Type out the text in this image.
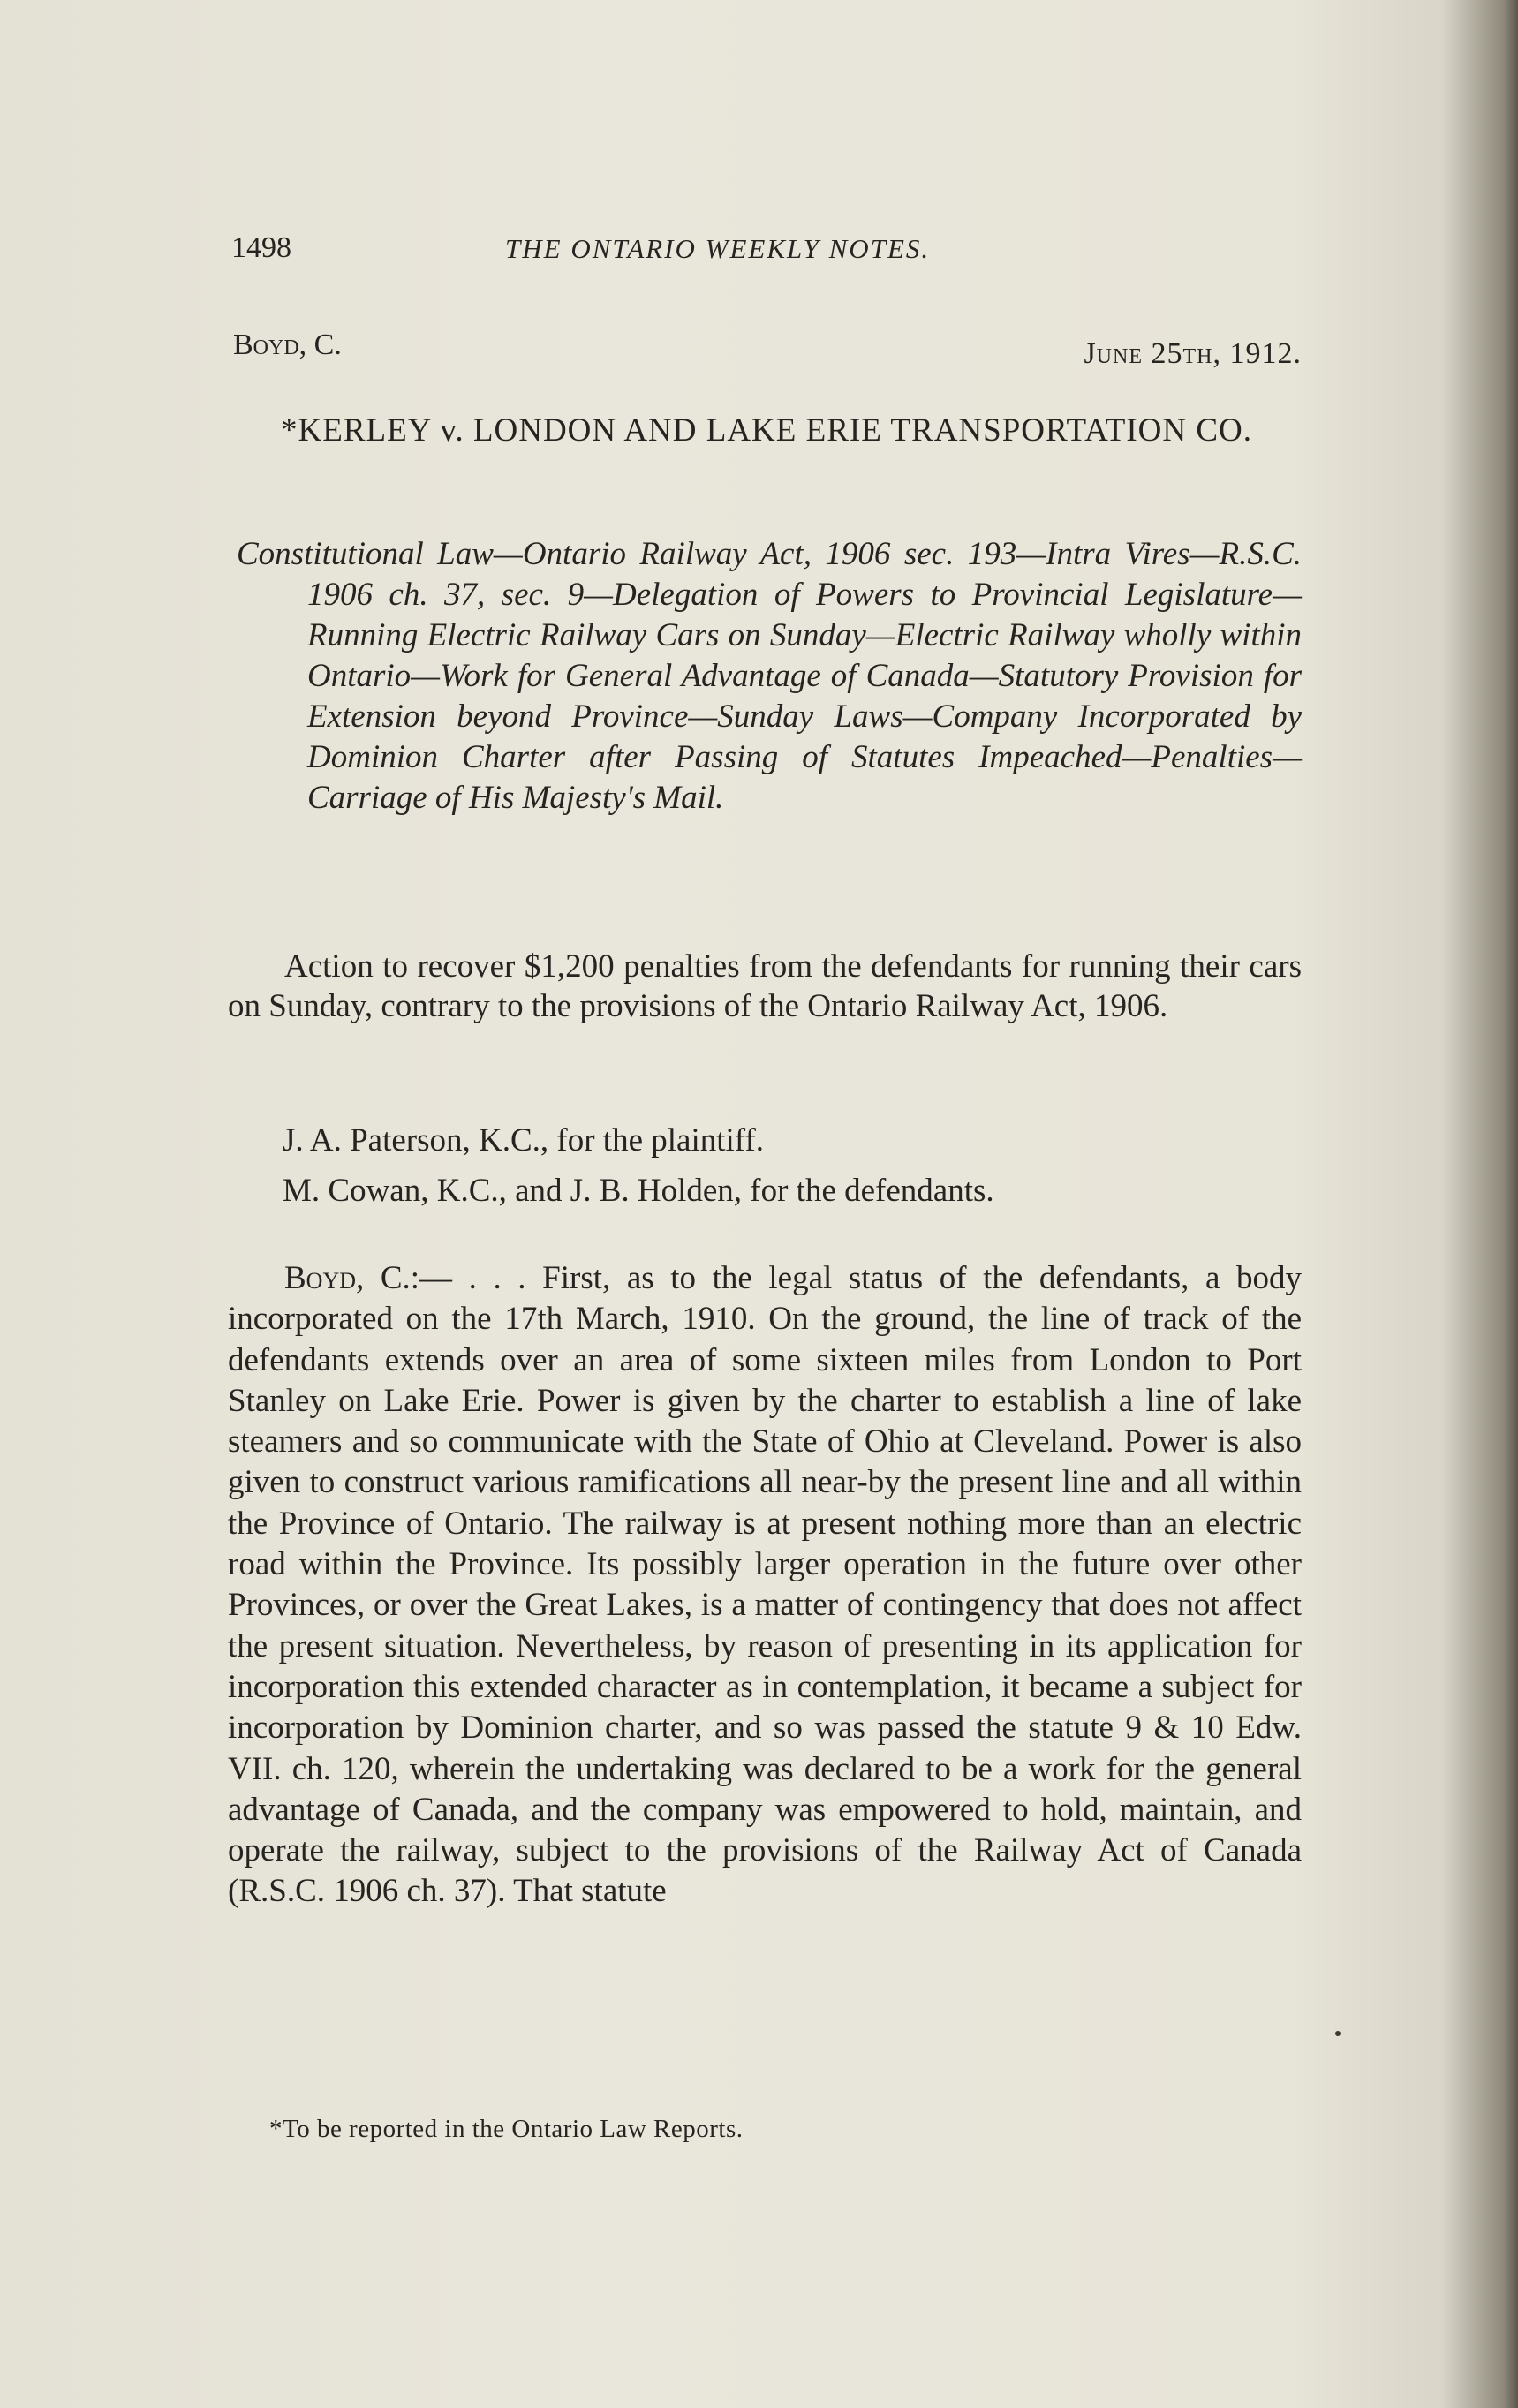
1498	THE ONTARIO WEEKLY NOTES.
Boyd, C.	June 25th, 1912.
*KERLEY v. LONDON AND LAKE ERIE TRANSPORTATION CO.
Constitutional Law—Ontario Railway Act, 1906 sec. 193—Intra Vires—R.S.C. 1906 ch. 37, sec. 9—Delegation of Powers to Provincial Legislature—Running Electric Railway Cars on Sunday—Electric Railway wholly within Ontario—Work for General Advantage of Canada—Statutory Provision for Extension beyond Province—Sunday Laws—Company Incorporated by Dominion Charter after Passing of Statutes Impeached—Penalties—Carriage of His Majesty's Mail.
Action to recover $1,200 penalties from the defendants for running their cars on Sunday, contrary to the provisions of the Ontario Railway Act, 1906.
J. A. Paterson, K.C., for the plaintiff.
M. Cowan, K.C., and J. B. Holden, for the defendants.
Boyd, C.:— . . . First, as to the legal status of the defendants, a body incorporated on the 17th March, 1910. On the ground, the line of track of the defendants extends over an area of some sixteen miles from London to Port Stanley on Lake Erie. Power is given by the charter to establish a line of lake steamers and so communicate with the State of Ohio at Cleveland. Power is also given to construct various ramifications all near-by the present line and all within the Province of Ontario. The railway is at present nothing more than an electric road within the Province. Its possibly larger operation in the future over other Provinces, or over the Great Lakes, is a matter of contingency that does not affect the present situation. Nevertheless, by reason of presenting in its application for incorporation this extended character as in contemplation, it became a subject for incorporation by Dominion charter, and so was passed the statute 9 & 10 Edw. VII. ch. 120, wherein the undertaking was declared to be a work for the general advantage of Canada, and the company was empowered to hold, maintain, and operate the railway, subject to the provisions of the Railway Act of Canada (R.S.C. 1906 ch. 37). That statute
*To be reported in the Ontario Law Reports.
